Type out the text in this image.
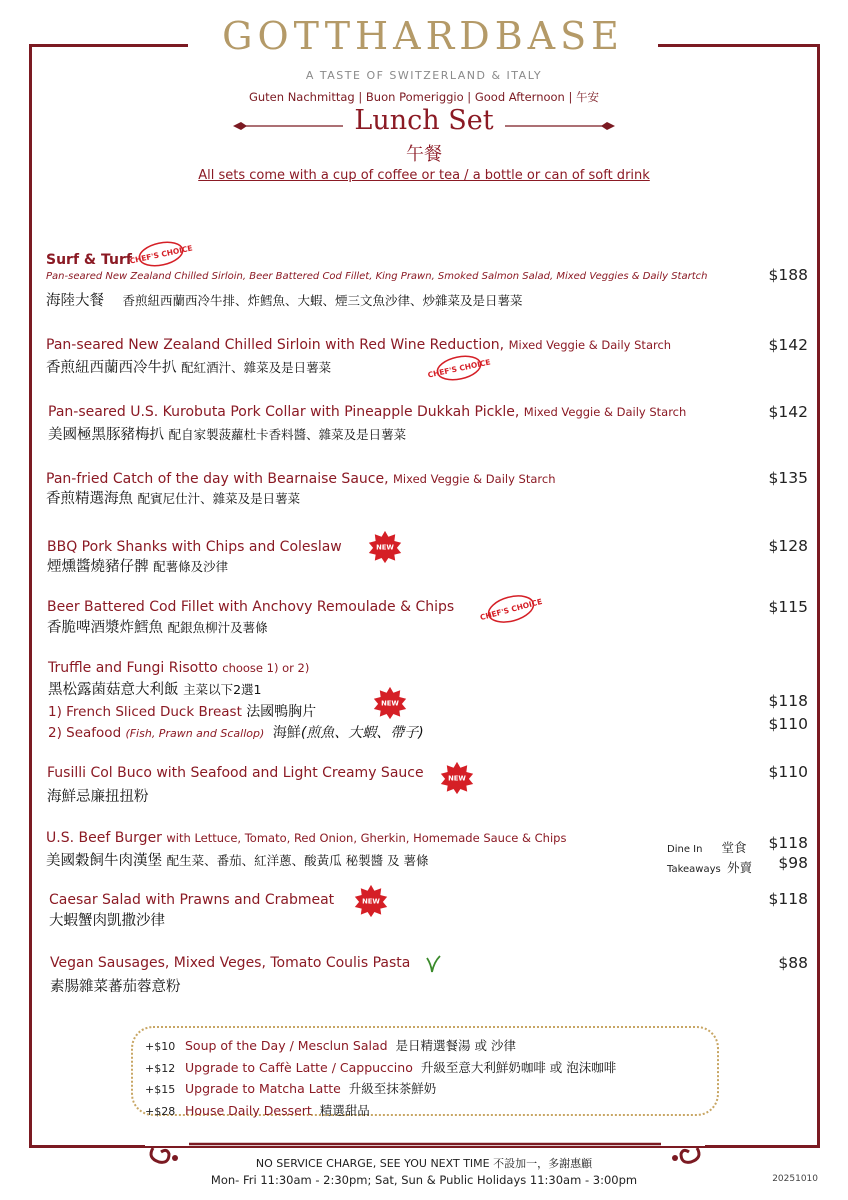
GOTTHARDBASE
A TASTE OF SWITZERLAND & ITALY
Guten Nachmittag | Buon Pomeriggio | Good Afternoon | 午安
Lunch Set
午餐
All sets come with a cup of coffee or tea / a bottle or can of soft drink
Surf & Turf
CHEF'S CHOICE
Pan-seared New Zealand Chilled Sirloin, Beer Battered Cod Fillet, King Prawn, Smoked Salmon Salad, Mixed Veggies & Daily Startch
海陸大餐 香煎紐西蘭西冷牛排、炸鱈魚、大蝦、煙三文魚沙律、炒雜菜及是日薯菜
$188
Pan-seared New Zealand Chilled Sirloin with Red Wine Reduction, Mixed Veggie & Daily Starch
香煎紐西蘭西冷牛扒 配紅酒汁、雜菜及是日薯菜	CHEF'S CHOICE
$142
Pan-seared U.S. Kurobuta Pork Collar with Pineapple Dukkah Pickle, Mixed Veggie & Daily Starch
美國極黑豚豬梅扒 配自家製菠蘿杜卡香料醬、雜菜及是日薯菜
$142
Pan-fried Catch of the day with Bearnaise Sauce, Mixed Veggie & Daily Starch
香煎精選海魚 配賓尼仕汁、雜菜及是日薯菜
$135
BBQ Pork Shanks with Chips and Coleslaw	NEW
煙燻醬燒豬仔髀 配薯條及沙律
$128
Beer Battered Cod Fillet with Anchovy Remoulade & Chips	CHEF'S CHOICE
香脆啤酒漿炸鱈魚 配銀魚柳汁及薯條
$115
Truffle and Fungi Risotto choose 1) or 2)
黑松露菌菇意大利飯 主菜以下2選1
1) French Sliced Duck Breast 法國鴨胸片
NEW
2) Seafood (Fish, Prawn and Scallop) 海鮮(煎魚、大蝦、帶子)
$118
$110
Fusilli Col Buco with Seafood and Light Creamy Sauce	NEW
海鮮忌廉扭扭粉
$110
U.S. Beef Burger with Lettuce, Tomato, Red Onion, Gherkin, Homemade Sauce & Chips
美國穀飼牛肉漢堡 配生菜、番茄、紅洋蔥、酸黃瓜 秘製醬 及 薯條
Dine In 堂食 $118
Takeaways 外賣 $98
Caesar Salad with Prawns and Crabmeat	NEW
大蝦蟹肉凱撒沙律
$118
Vegan Sausages, Mixed Veges, Tomato Coulis Pasta
素腸雜菜蕃茄蓉意粉
$88
+$10 Soup of the Day / Mesclun Salad 是日精選餐湯 或 沙律
+$12 Upgrade to Caffè Latte / Cappuccino 升級至意大利鮮奶咖啡 或 泡沫咖啡
+$15 Upgrade to Matcha Latte 升級至抹茶鮮奶
+$28 House Daily Dessert 精選甜品
NO SERVICE CHARGE, SEE YOU NEXT TIME 不設加一，多謝惠顧
Mon- Fri 11:30am - 2:30pm; Sat, Sun & Public Holidays 11:30am - 3:00pm	20251010
